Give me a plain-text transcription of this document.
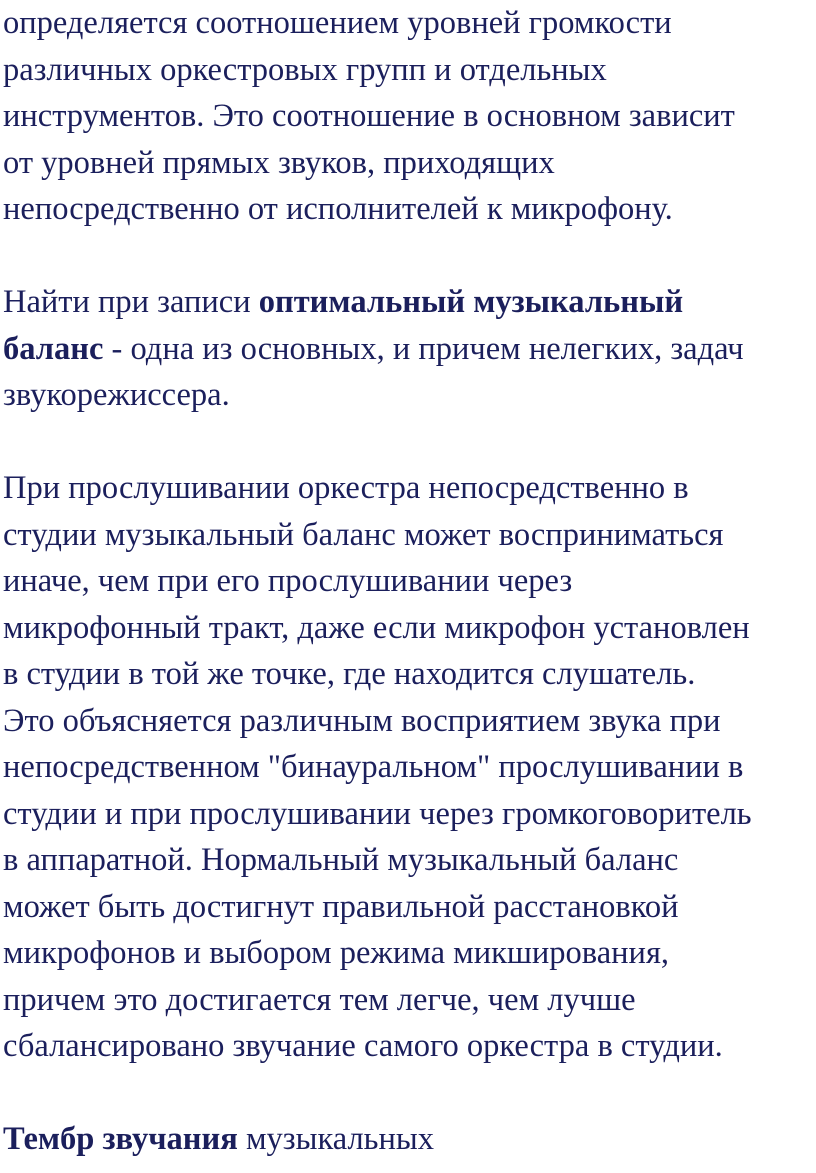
определяется соотношением уровней громкости
различных оркестровых групп и отдельных
инструментов. Это соотношение в основном зависит
от уровней прямых звуков, приходящих
непосредственно от исполнителей к микрофону.
Найти при записи оптимальный музыкальный
баланс - одна из основных, и причем нелегких, задач
звукорежиссера.
При прослушивании оркестра непосредственно в
студии музыкальный баланс может восприниматься
иначе, чем при его прослушивании через
микрофонный тракт, даже если микрофон установлен
в студии в той же точке, где находится слушатель.
Это объясняется различным восприятием звука при
непосредственном "бинауральном" прослушивании в
студии и при прослушивании через громкоговоритель
в аппаратной. Нормальный музыкальный баланс
может быть достигнут правильной расстановкой
микрофонов и выбором режима микширования,
причем это достигается тем легче, чем лучше
сбалансировано звучание самого оркестра в студии.
Тембр звучания музыкальных
